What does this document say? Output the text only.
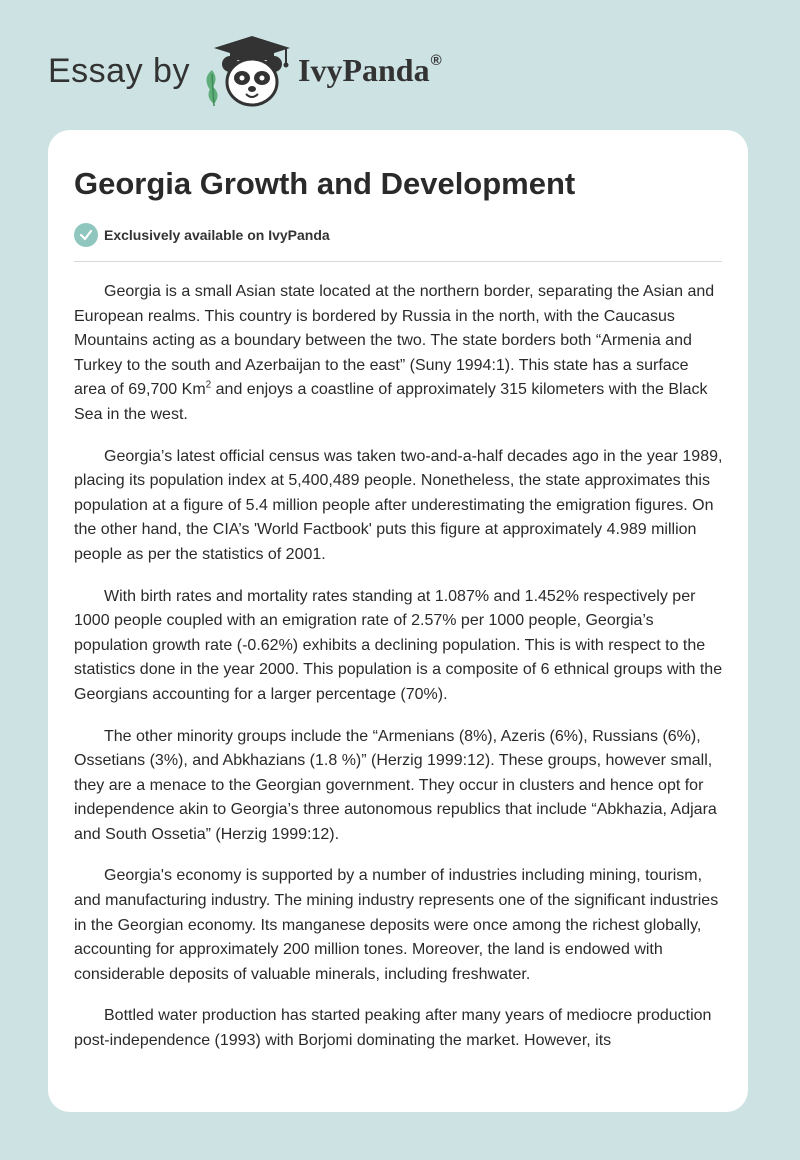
Essay by	IvyPanda®
Georgia Growth and Development
Exclusively available on IvyPanda

Georgia is a small Asian state located at the northern border, separating the Asian and European realms. This country is bordered by Russia in the north, with the Caucasus Mountains acting as a boundary between the two. The state borders both “Armenia and Turkey to the south and Azerbaijan to the east” (Suny 1994:1). This state has a surface area of 69,700 Km$^2$ and enjoys a coastline of approximately 315 kilometers with the Black Sea in the west.

Georgia’s latest official census was taken two-and-a-half decades ago in the year 1989, placing its population index at 5,400,489 people. Nonetheless, the state approximates this population at a figure of 5.4 million people after underestimating the emigration figures. On the other hand, the CIA’s 'World Factbook' puts this figure at approximately 4.989 million people as per the statistics of 2001.

With birth rates and mortality rates standing at 1.087% and 1.452% respectively per 1000 people coupled with an emigration rate of 2.57% per 1000 people, Georgia’s population growth rate (-0.62%) exhibits a declining population. This is with respect to the statistics done in the year 2000. This population is a composite of 6 ethnical groups with the Georgians accounting for a larger percentage (70%).

The other minority groups include the “Armenians (8%), Azeris (6%), Russians (6%), Ossetians (3%), and Abkhazians (1.8 %)” (Herzig 1999:12). These groups, however small, they are a menace to the Georgian government. They occur in clusters and hence opt for independence akin to Georgia’s three autonomous republics that include “Abkhazia, Adjara and South Ossetia” (Herzig 1999:12).

Georgia's economy is supported by a number of industries including mining, tourism, and manufacturing industry. The mining industry represents one of the significant industries in the Georgian economy. Its manganese deposits were once among the richest globally, accounting for approximately 200 million tones. Moreover, the land is endowed with considerable deposits of valuable minerals, including freshwater.

Bottled water production has started peaking after many years of mediocre production post-independence (1993) with Borjomi dominating the market. However, its
